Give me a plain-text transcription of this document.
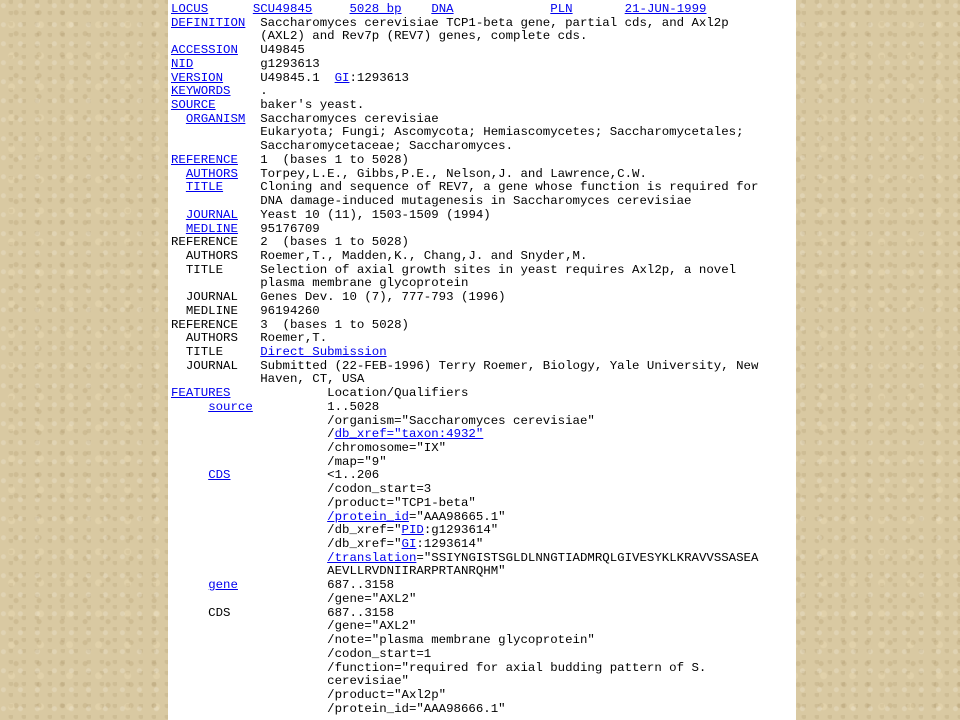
LOCUS	SCU49845	5028 bp DNA	PLN	21-JUN-1999
DEFINITION  Saccharomyces cerevisiae TCP1-beta gene, partial cds, and Axl2p
(AXL2) and Rev7p (REV7) genes, complete cds.
ACCESSION   U49845
NID         g1293613
VERSION     U49845.1  GI:1293613
KEYWORDS    .
SOURCE      baker's yeast.
ORGANISM  Saccharomyces cerevisiae
Eukaryota; Fungi; Ascomycota; Hemiascomycetes; Saccharomycetales;
Saccharomycetaceae; Saccharomyces.
REFERENCE   1  (bases 1 to 5028)
AUTHORS   Torpey,L.E., Gibbs,P.E., Nelson,J. and Lawrence,C.W.
TITLE     Cloning and sequence of REV7, a gene whose function is required for
DNA damage-induced mutagenesis in Saccharomyces cerevisiae
JOURNAL   Yeast 10 (11), 1503-1509 (1994)
MEDLINE   95176709
REFERENCE   2  (bases 1 to 5028)
AUTHORS   Roemer,T., Madden,K., Chang,J. and Snyder,M.
TITLE     Selection of axial growth sites in yeast requires Axl2p, a novel
plasma membrane glycoprotein
JOURNAL   Genes Dev. 10 (7), 777-793 (1996)
MEDLINE   96194260
REFERENCE   3  (bases 1 to 5028)
AUTHORS   Roemer,T.
TITLE     Direct Submission
JOURNAL   Submitted (22-FEB-1996) Terry Roemer, Biology, Yale University, New
Haven, CT, USA
FEATURES             Location/Qualifiers
source          1..5028
/organism="Saccharomyces cerevisiae"
/db_xref="taxon:4932"
/chromosome="IX"
/map="9"
CDS             <1..206
/codon_start=3
/product="TCP1-beta"
/protein_id="AAA98665.1"
/db_xref="PID:g1293614"
/db_xref="GI:1293614"
/translation="SSIYNGISTSGLDLNNGTIADMRQLGIVESYKLKRAVVSSASEA
AEVLLRVDNIIRARPRTANRQHM"
gene            687..3158
/gene="AXL2"
CDS             687..3158
/gene="AXL2"
/note="plasma membrane glycoprotein"
/codon_start=1
/function="required for axial budding pattern of S.
cerevisiae"
/product="Axl2p"
/protein_id="AAA98666.1"
